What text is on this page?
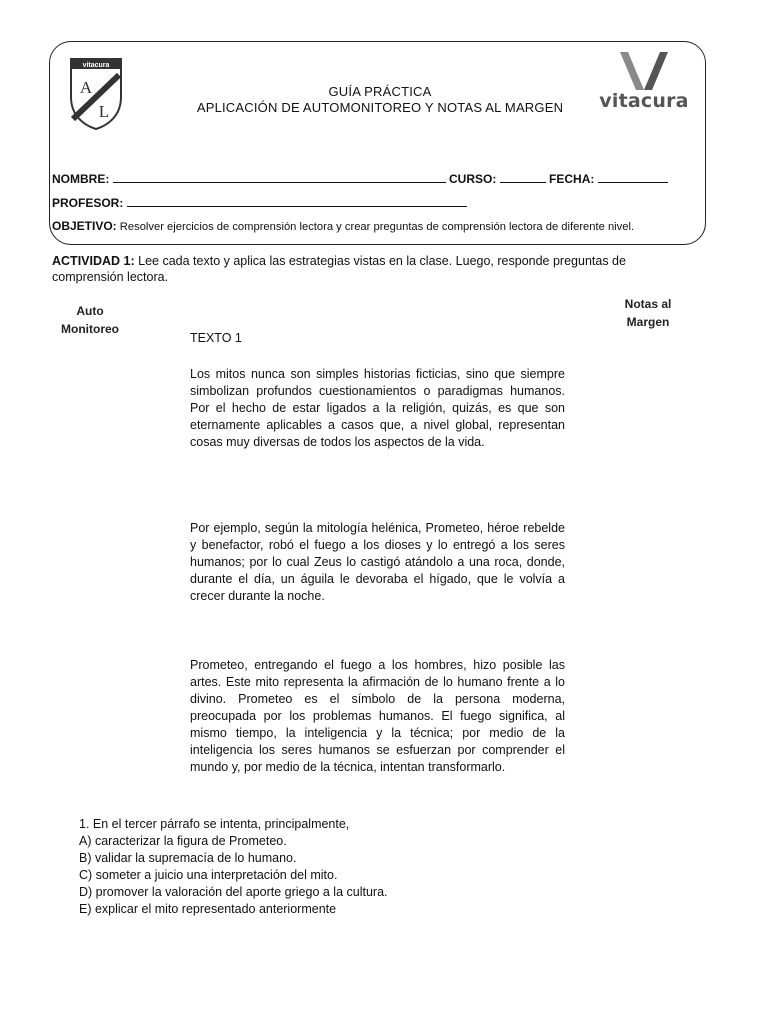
vitacura
A
L
GUÍA PRÁCTICA
APLICACIÓN DE AUTOMONITOREO Y NOTAS AL MARGEN	vitacura
NOMBRE:	CURSO:	FECHA:
PROFESOR:
OBJETIVO: Resolver ejercicios de comprensión lectora y crear preguntas de comprensión lectora de diferente nivel.
ACTIVIDAD 1: Lee cada texto y aplica las estrategias vistas en la clase. Luego, responde preguntas de comprensión lectora.
Auto
Monitoreo
Notas al
Margen
TEXTO 1
Los mitos nunca son simples historias ficticias, sino que siempre simbolizan profundos cuestionamientos o paradigmas humanos. Por el hecho de estar ligados a la religión, quizás, es que son eternamente aplicables a casos que, a nivel global, representan cosas muy diversas de todos los aspectos de la vida.
Por ejemplo, según la mitología helénica, Prometeo, héroe rebelde y benefactor, robó el fuego a los dioses y lo entregó a los seres humanos; por lo cual Zeus lo castigó atándolo a una roca, donde, durante el día, un águila le devoraba el hígado, que le volvía a crecer durante la noche.
Prometeo, entregando el fuego a los hombres, hizo posible las artes. Este mito representa la afirmación de lo humano frente a lo divino. Prometeo es el símbolo de la persona moderna, preocupada por los problemas humanos. El fuego significa, al mismo tiempo, la inteligencia y la técnica; por medio de la inteligencia los seres humanos se esfuerzan por comprender el mundo y, por medio de la técnica, intentan transformarlo.
1. En el tercer párrafo se intenta, principalmente,
A) caracterizar la figura de Prometeo.
B) validar la supremacía de lo humano.
C) someter a juicio una interpretación del mito.
D) promover la valoración del aporte griego a la cultura.
E) explicar el mito representado anteriormente
